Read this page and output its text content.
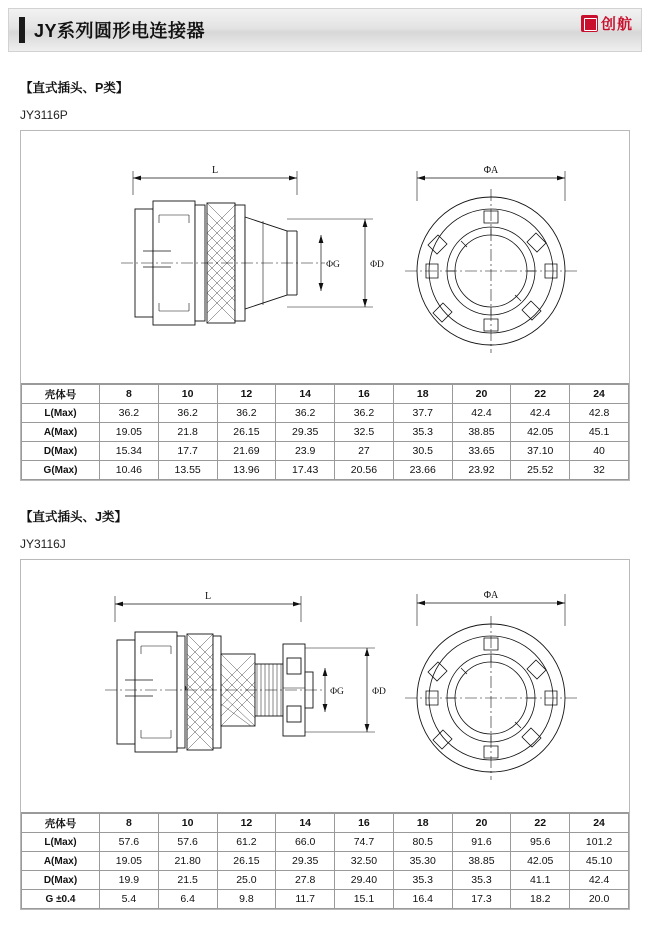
JY系列圆形电连接器	创航
【直式插头、P类】
JY3116P
L
ΦG	ΦD
ΦA
壳体号	8	10	12	14	16	18	20	22	24
L(Max)	36.2	36.2	36.2	36.2	36.2	37.7	42.4	42.4	42.8
A(Max)	19.05	21.8	26.15	29.35	32.5	35.3	38.85	42.05	45.1
D(Max)	15.34	17.7	21.69	23.9	27	30.5	33.65	37.10	40
G(Max)	10.46	13.55	13.96	17.43	20.56	23.66	23.92	25.52	32
【直式插头、J类】
JY3116J
L
ΦG	ΦD
ΦA
壳体号	8	10	12	14	16	18	20	22	24
L(Max)	57.6	57.6	61.2	66.0	74.7	80.5	91.6	95.6	101.2
A(Max)	19.05	21.80	26.15	29.35	32.50	35.30	38.85	42.05	45.10
D(Max)	19.9	21.5	25.0	27.8	29.40	35.3	35.3	41.1	42.4
G ±0.4	5.4	6.4	9.8	11.7	15.1	16.4	17.3	18.2	20.0
